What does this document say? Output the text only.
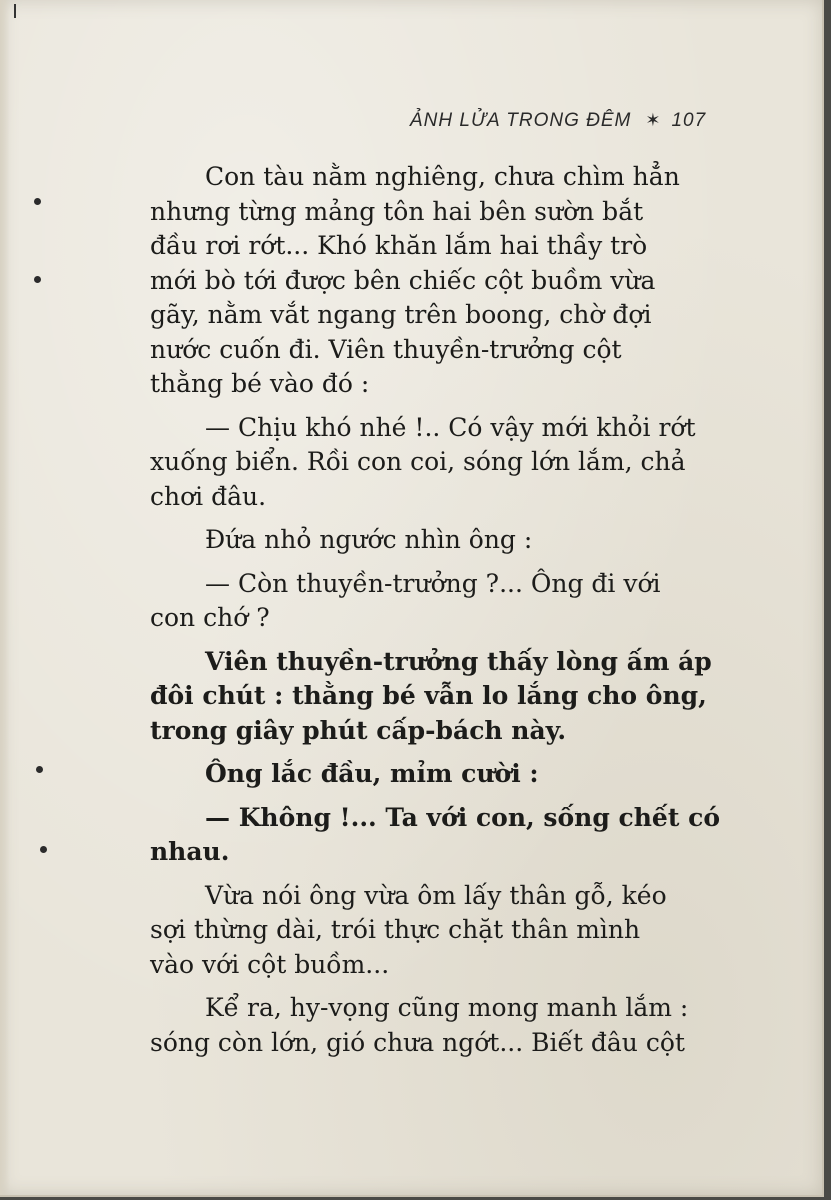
ẢNH LỬA TRONG ĐÊM ✶ 107

Con tàu nằm nghiêng, chưa chìm hẳn
nhưng từng mảng tôn hai bên sườn bắt
đầu rơi rớt... Khó khăn lắm hai thầy trò
mới bò tới được bên chiếc cột buồm vừa
gãy, nằm vắt ngang trên boong, chờ đợi
nước cuốn đi. Viên thuyền-trưởng cột
thằng bé vào đó :

— Chịu khó nhé !.. Có vậy mới khỏi rớt
xuống biển. Rồi con coi, sóng lớn lắm, chả
chơi đâu.

Đứa nhỏ ngước nhìn ông :

— Còn thuyền-trưởng ?... Ông đi với
con chớ ?

Viên thuyền-trưởng thấy lòng ấm áp
đôi chút : thằng bé vẫn lo lắng cho ông,
trong giây phút cấp-bách này.

Ông lắc đầu, mỉm cười :

— Không !... Ta với con, sống chết có
nhau.

Vừa nói ông vừa ôm lấy thân gỗ, kéo
sợi thừng dài, trói thực chặt thân mình
vào với cột buồm...

Kể ra, hy-vọng cũng mong manh lắm :
sóng còn lớn, gió chưa ngớt... Biết đâu cột
